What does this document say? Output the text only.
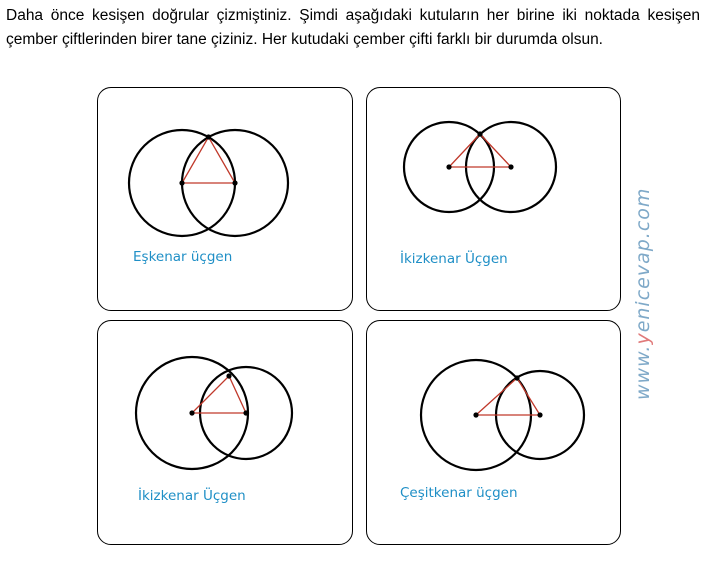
Daha önce kesişen doğrular çizmiştiniz. Şimdi aşağıdaki kutuların her birine iki noktada kesişen çember çiftlerinden birer tane çiziniz. Her kutudaki çember çifti farklı bir durumda olsun.

Eşkenar üçgen	İkizkenar Üçgen
İkizkenar Üçgen	Çeşitkenar üçgen
www.yenicevap.com
